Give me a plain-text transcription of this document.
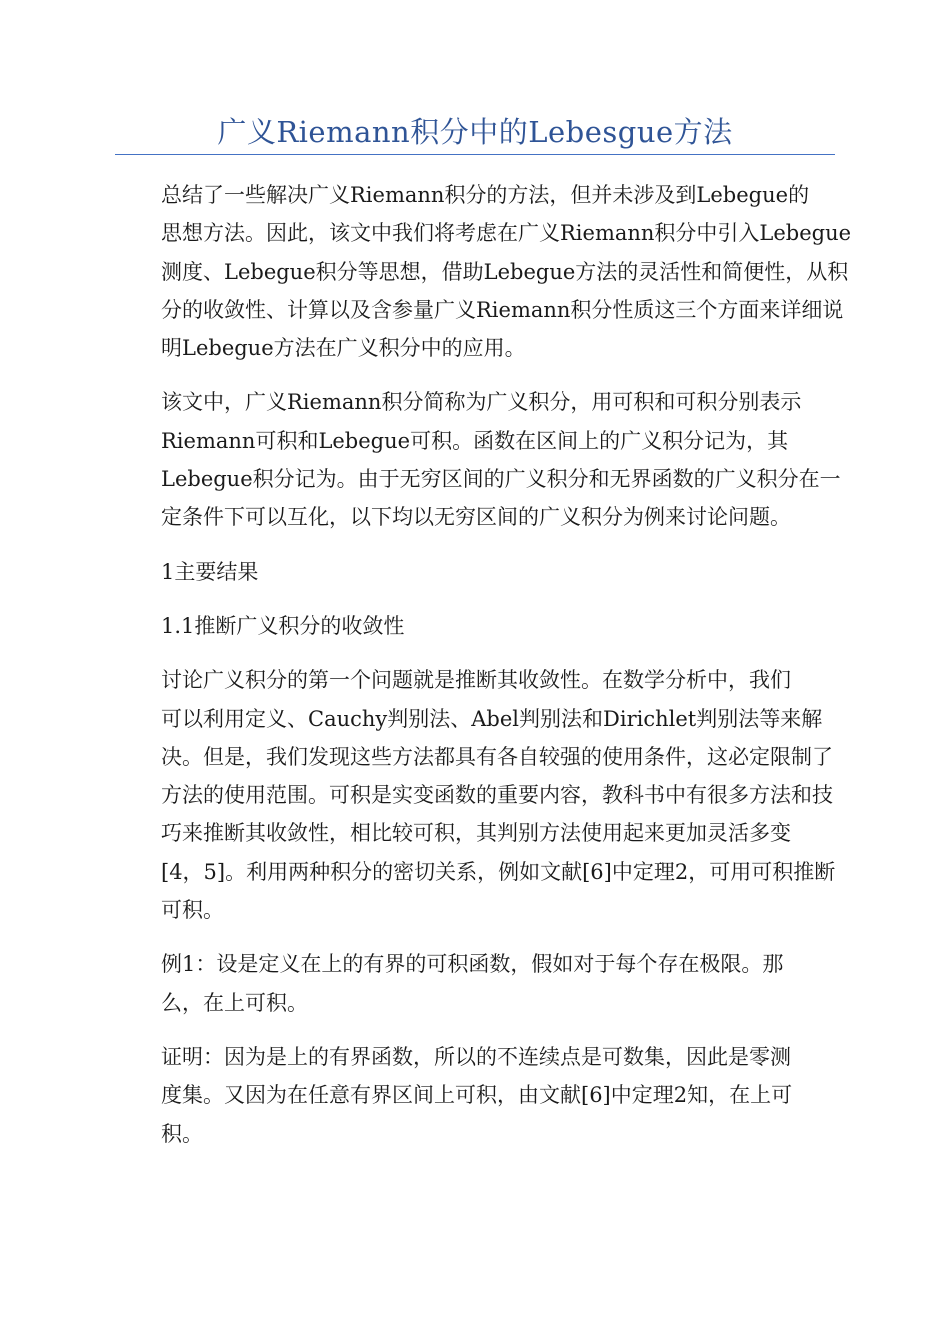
广义Riemann积分中的Lebesgue方法

总结了一些解决广义Riemann积分的方法，但并未涉及到Lebegue的
思想方法。因此，该文中我们将考虑在广义Riemann积分中引入Lebegue
测度、Lebegue积分等思想，借助Lebegue方法的灵活性和简便性，从积
分的收敛性、计算以及含参量广义Riemann积分性质这三个方面来详细说
明Lebegue方法在广义积分中的应用。

该文中，广义Riemann积分简称为广义积分，用可积和可积分别表示
Riemann可积和Lebegue可积。函数在区间上的广义积分记为，其
Lebegue积分记为。由于无穷区间的广义积分和无界函数的广义积分在一
定条件下可以互化，以下均以无穷区间的广义积分为例来讨论问题。

1主要结果

1.1推断广义积分的收敛性

讨论广义积分的第一个问题就是推断其收敛性。在数学分析中，我们
可以利用定义、Cauchy判别法、Abel判别法和Dirichlet判别法等来解
决。但是，我们发现这些方法都具有各自较强的使用条件，这必定限制了
方法的使用范围。可积是实变函数的重要内容，教科书中有很多方法和技
巧来推断其收敛性，相比较可积，其判别方法使用起来更加灵活多变
[4，5]。利用两种积分的密切关系，例如文献[6]中定理2，可用可积推断
可积。

例1：设是定义在上的有界的可积函数，假如对于每个存在极限。那
么，在上可积。

证明：因为是上的有界函数，所以的不连续点是可数集，因此是零测
度集。又因为在任意有界区间上可积，由文献[6]中定理2知，在上可
积。
